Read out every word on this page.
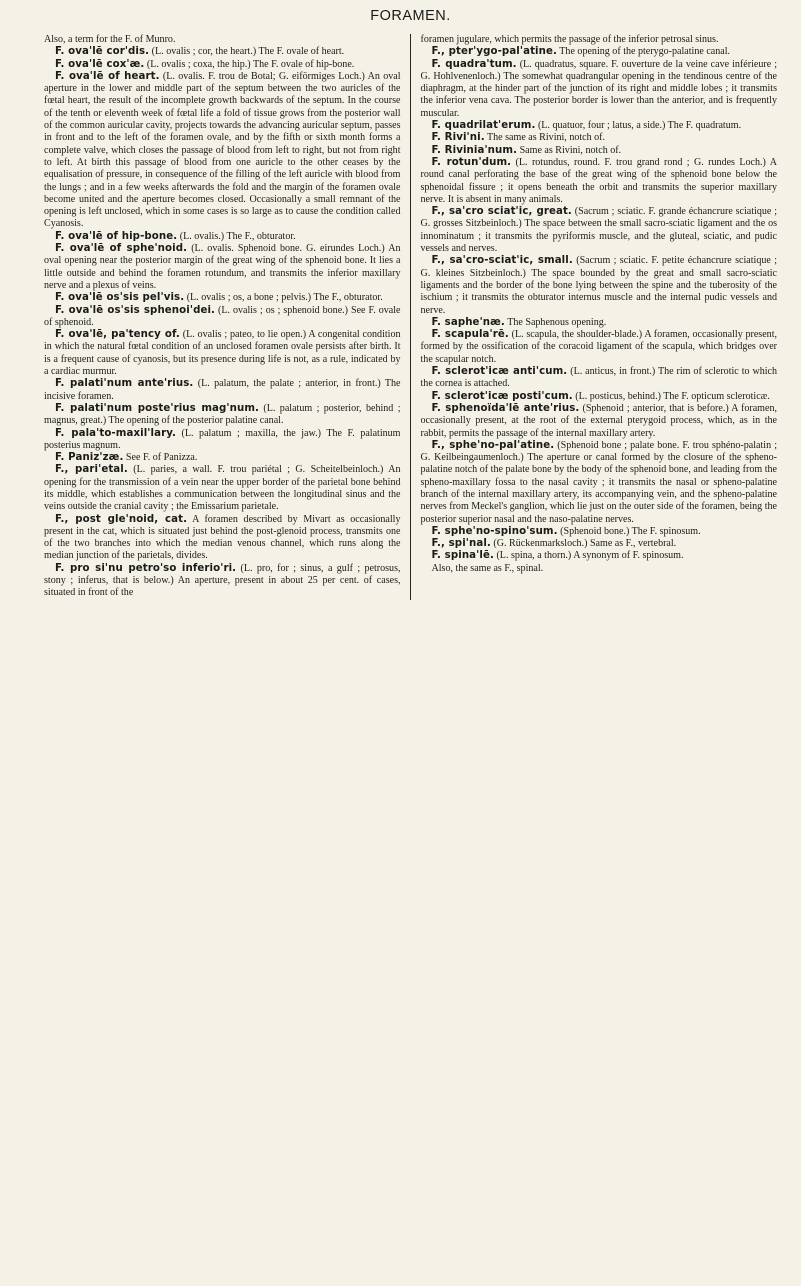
FORAMEN.

Also, a term for the F. of Munro.

F. ova'lē cor'dis. (L. ovalis ; cor, the heart.) The F. ovale of heart.

F. ova'lē cox'æ. (L. ovalis ; coxa, the hip.) The F. ovale of hip-bone.

F. ova'lē of heart. (L. ovalis. F. trou de Botal; G. eiförmiges Loch.) An oval aperture in the lower and middle part of the septum between the two auricles of the fœtal heart, the result of the incomplete growth backwards of the septum. In the course of the tenth or eleventh week of fœtal life a fold of tissue grows from the posterior wall of the common auricular cavity, projects towards the advancing auricular septum, passes in front and to the left of the foramen ovale, and by the fifth or sixth month forms a complete valve, which closes the passage of blood from left to right, but not from right to left. At birth this passage of blood from one auricle to the other ceases by the equalisation of pressure, in consequence of the filling of the left auricle with blood from the lungs ; and in a few weeks afterwards the fold and the margin of the foramen ovale become united and the aperture becomes closed. Occasionally a small remnant of the opening is left unclosed, which in some cases is so large as to cause the condition called Cyanosis.

F. ova'lē of hip-bone. (L. ovalis.) The F., obturator.

F. ova'lē of sphe'noid. (L. ovalis. Sphenoid bone. G. eirundes Loch.) An oval opening near the posterior margin of the great wing of the sphenoid bone. It lies a little outside and behind the foramen rotundum, and transmits the inferior maxillary nerve and a plexus of veins.

F. ova'lē os'sis pel'vis. (L. ovalis ; os, a bone ; pelvis.) The F., obturator.

F. ova'lē os'sis sphenoi'dei. (L. ovalis ; os ; sphenoid bone.) See F. ovale of sphenoid.

F. ova'lē, pa'tency of. (L. ovalis ; pateo, to lie open.) A congenital condition in which the natural fœtal condition of an unclosed foramen ovale persists after birth. It is a frequent cause of cyanosis, but its presence during life is not, as a rule, indicated by a cardiac murmur.

F. palati'num ante'rius. (L. palatum, the palate ; anterior, in front.) The incisive foramen.

F. palati'num poste'rius mag'num. (L. palatum ; posterior, behind ; magnus, great.) The opening of the posterior palatine canal.

F. pala'to-maxil'lary. (L. palatum ; maxilla, the jaw.) The F. palatinum posterius magnum.

F. Paniz'zæ. See F. of Panizza.

F., pari'etal. (L. paries, a wall. F. trou pariétal ; G. Scheitelbeinloch.) An opening for the transmission of a vein near the upper border of the parietal bone behind its middle, which establishes a communication between the longitudinal sinus and the veins outside the cranial cavity ; the Emissarium parietale.

F., post gle'noid, cat. A foramen described by Mivart as occasionally present in the cat, which is situated just behind the post-glenoid process, transmits one of the two branches into which the median venous channel, which runs along the median junction of the parietals, divides.

F. pro si'nu petro'so inferio'ri. (L. pro, for ; sinus, a gulf ; petrosus, stony ; inferus, that is below.) An aperture, present in about 25 per cent. of cases, situated in front of the

foramen jugulare, which permits the passage of the inferior petrosal sinus.

F., pter'ygo-pal'atine. The opening of the pterygo-palatine canal.

F. quadra'tum. (L. quadratus, square. F. ouverture de la veine cave inférieure ; G. Hohlvenenloch.) The somewhat quadrangular opening in the tendinous centre of the diaphragm, at the hinder part of the junction of its right and middle lobes ; it transmits the inferior vena cava. The posterior border is lower than the anterior, and is frequently muscular.

F. quadrilat'erum. (L. quatuor, four ; latus, a side.) The F. quadratum.

F. Rivi'ni. The same as Rivini, notch of.

F. Rivinia'num. Same as Rivini, notch of.

F. rotun'dum. (L. rotundus, round. F. trou grand rond ; G. rundes Loch.) A round canal perforating the base of the great wing of the sphenoid bone below the sphenoidal fissure ; it opens beneath the orbit and transmits the superior maxillary nerve. It is absent in many animals.

F., sa'cro sciat'ic, great. (Sacrum ; sciatic. F. grande échancrure sciatique ; G. grosses Sitzbeinloch.) The space between the small sacro-sciatic ligament and the os innominatum ; it transmits the pyriformis muscle, and the gluteal, sciatic, and pudic vessels and nerves.

F., sa'cro-sciat'ic, small. (Sacrum ; sciatic. F. petite échancrure sciatique ; G. kleines Sitzbeinloch.) The space bounded by the great and small sacro-sciatic ligaments and the border of the bone lying between the spine and the tuberosity of the ischium ; it transmits the obturator internus muscle and the internal pudic vessels and nerve.

F. saphe'næ. The Saphenous opening.

F. scapula'rē. (L. scapula, the shoulder-blade.) A foramen, occasionally present, formed by the ossification of the coracoid ligament of the scapula, which bridges over the scapular notch.

F. sclerot'icæ anti'cum. (L. anticus, in front.) The rim of sclerotic to which the cornea is attached.

F. sclerot'icæ posti'cum. (L. posticus, behind.) The F. opticum scleroticæ.

F. sphenoïda'lē ante'rius. (Sphenoid ; anterior, that is before.) A foramen, occasionally present, at the root of the external pterygoid process, which, as in the rabbit, permits the passage of the internal maxillary artery.

F., sphe'no-pal'atine. (Sphenoid bone ; palate bone. F. trou sphéno-palatin ; G. Keilbeingaumenloch.) The aperture or canal formed by the closure of the spheno-palatine notch of the palate bone by the body of the sphenoid bone, and leading from the spheno-maxillary fossa to the nasal cavity ; it transmits the nasal or spheno-palatine branch of the internal maxillary artery, its accompanying vein, and the spheno-palatine nerves from Meckel's ganglion, which lie just on the outer side of the foramen, being the posterior superior nasal and the naso-palatine nerves.

F. sphe'no-spino'sum. (Sphenoid bone.) The F. spinosum.

F., spi'nal. (G. Rückenmarksloch.) Same as F., vertebral.

F. spina'lē. (L. spina, a thorn.) A synonym of F. spinosum.

Also, the same as F., spinal.
